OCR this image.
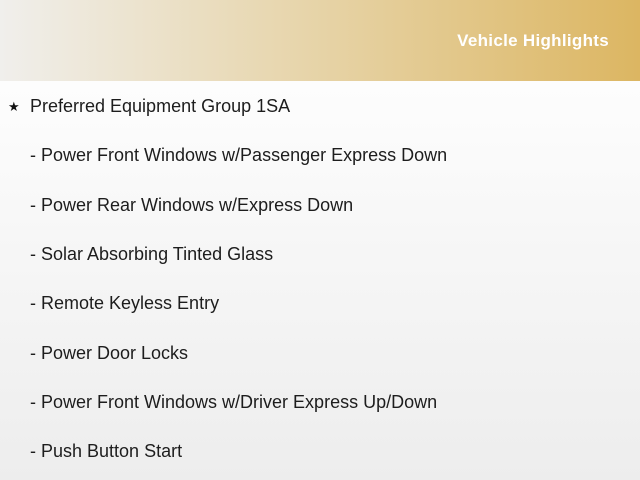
Vehicle Highlights
★ Preferred Equipment Group 1SA
- Power Front Windows w/Passenger Express Down
- Power Rear Windows w/Express Down
- Solar Absorbing Tinted Glass
- Remote Keyless Entry
- Power Door Locks
- Power Front Windows w/Driver Express Up/Down
- Push Button Start
